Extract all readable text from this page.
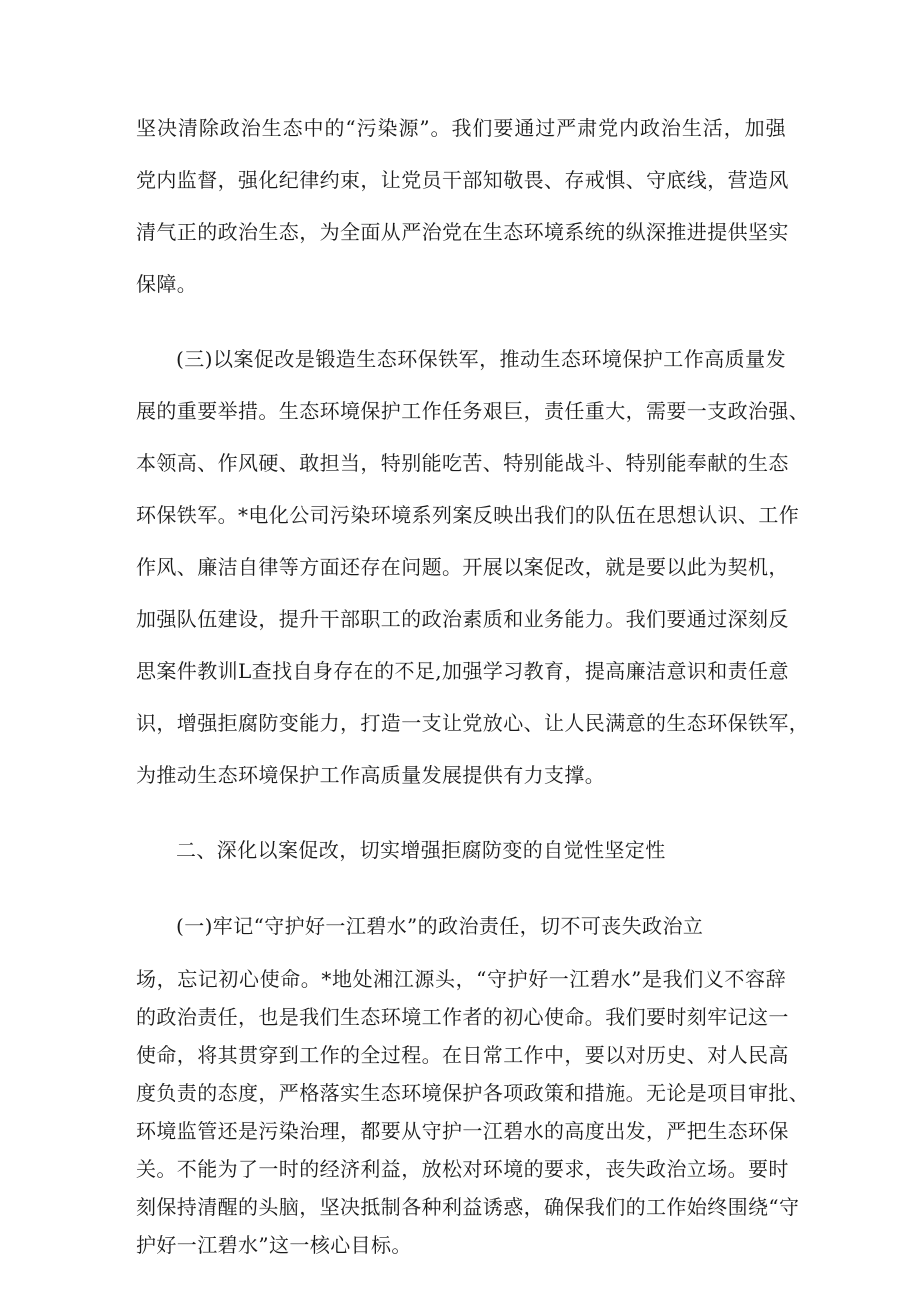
坚决清除政治生态中的“污染源”。我们要通过严肃党内政治生活，加强
党内监督，强化纪律约束，让党员干部知敬畏、存戒惧、守底线，营造风
清气正的政治生态，为全面从严治党在生态环境系统的纵深推进提供坚实
保障。
(三)以案促改是锻造生态环保铁军，推动生态环境保护工作高质量发
展的重要举措。生态环境保护工作任务艰巨，责任重大，需要一支政治强、
本领高、作风硬、敢担当，特别能吃苦、特别能战斗、特别能奉献的生态
环保铁军。*电化公司污染环境系列案反映出我们的队伍在思想认识、工作
作风、廉洁自律等方面还存在问题。开展以案促改，就是要以此为契机，
加强队伍建设，提升干部职工的政治素质和业务能力。我们要通过深刻反
思案件教训L查找自身存在的不足,加强学习教育，提高廉洁意识和责任意
识，增强拒腐防变能力，打造一支让党放心、让人民满意的生态环保铁军，
为推动生态环境保护工作高质量发展提供有力支撑。
二、深化以案促改，切实增强拒腐防变的自觉性坚定性
(一)牢记“守护好一江碧水”的政治责任，切不可丧失政治立
场，忘记初心使命。*地处湘江源头，“守护好一江碧水”是我们义不容辞
的政治责任，也是我们生态环境工作者的初心使命。我们要时刻牢记这一
使命，将其贯穿到工作的全过程。在日常工作中，要以对历史、对人民高
度负责的态度，严格落实生态环境保护各项政策和措施。无论是项目审批、
环境监管还是污染治理，都要从守护一江碧水的高度出发，严把生态环保
关。不能为了一时的经济利益，放松对环境的要求，丧失政治立场。要时
刻保持清醒的头脑，坚决抵制各种利益诱惑，确保我们的工作始终围绕“守
护好一江碧水”这一核心目标。
